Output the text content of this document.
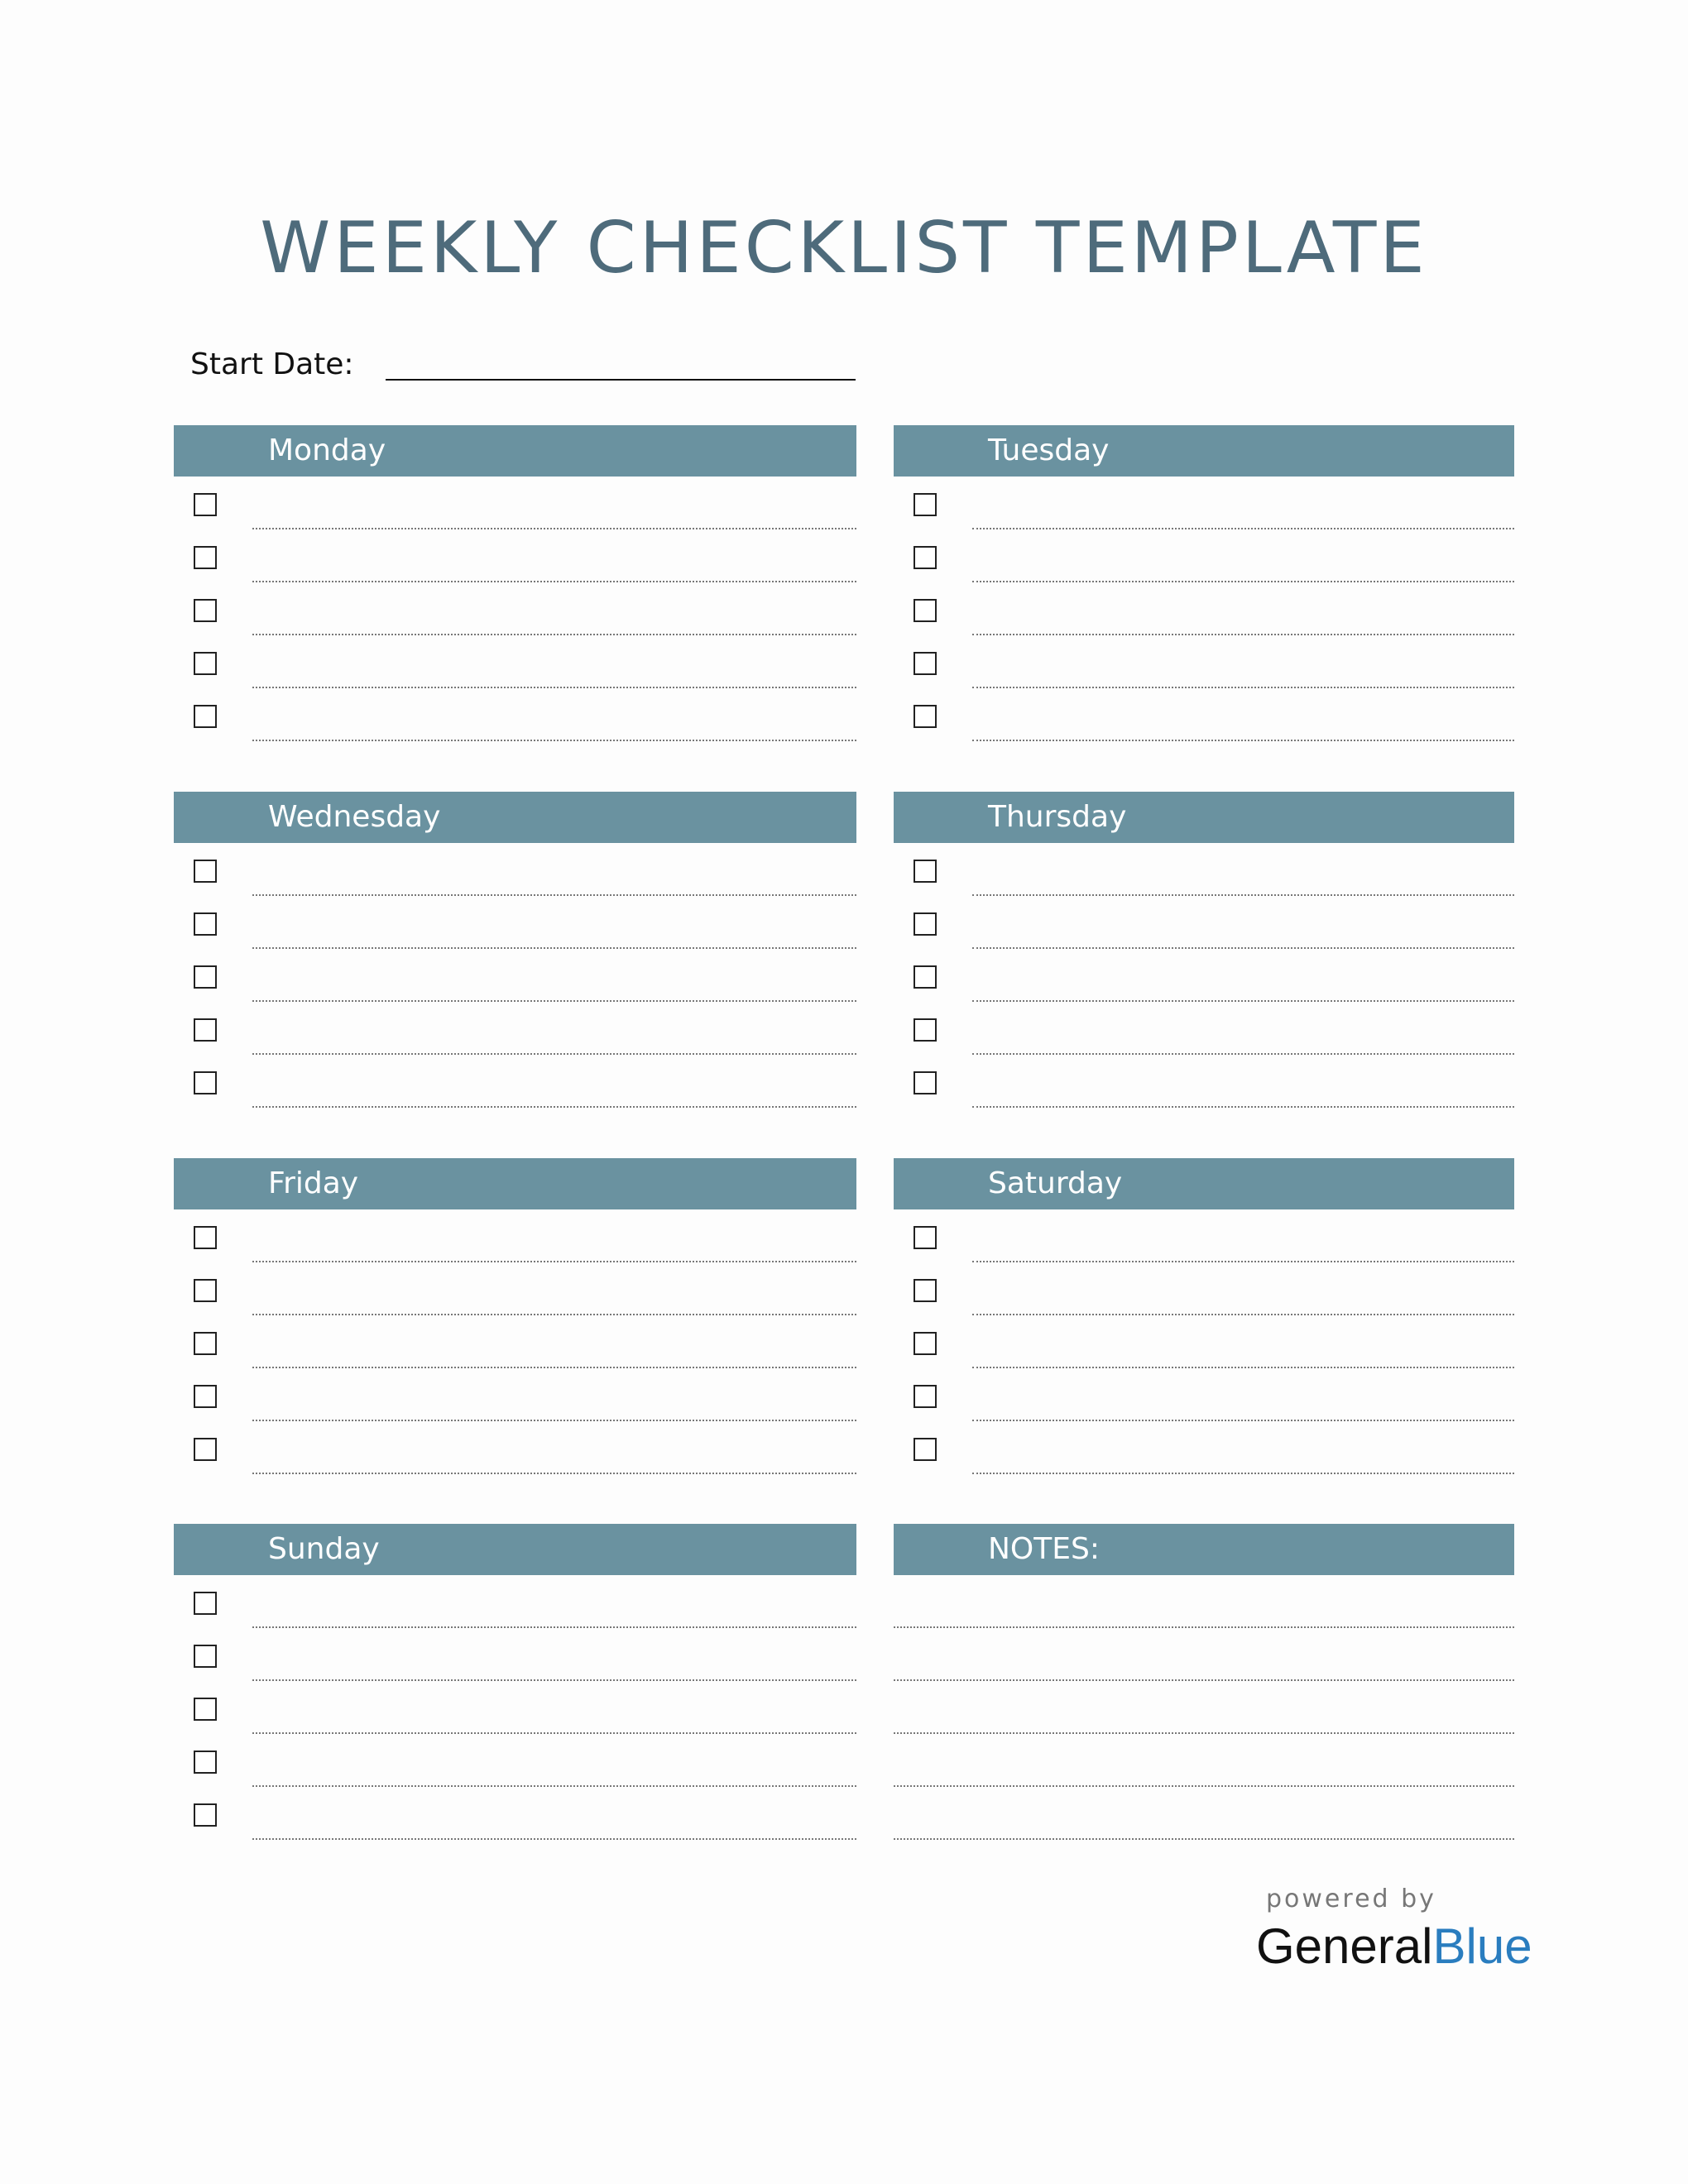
WEEKLY CHECKLIST TEMPLATE
Start Date:
Monday	Tuesday
Wednesday	Thursday
Friday	Saturday
Sunday	NOTES:
powered by
GeneralBlue
